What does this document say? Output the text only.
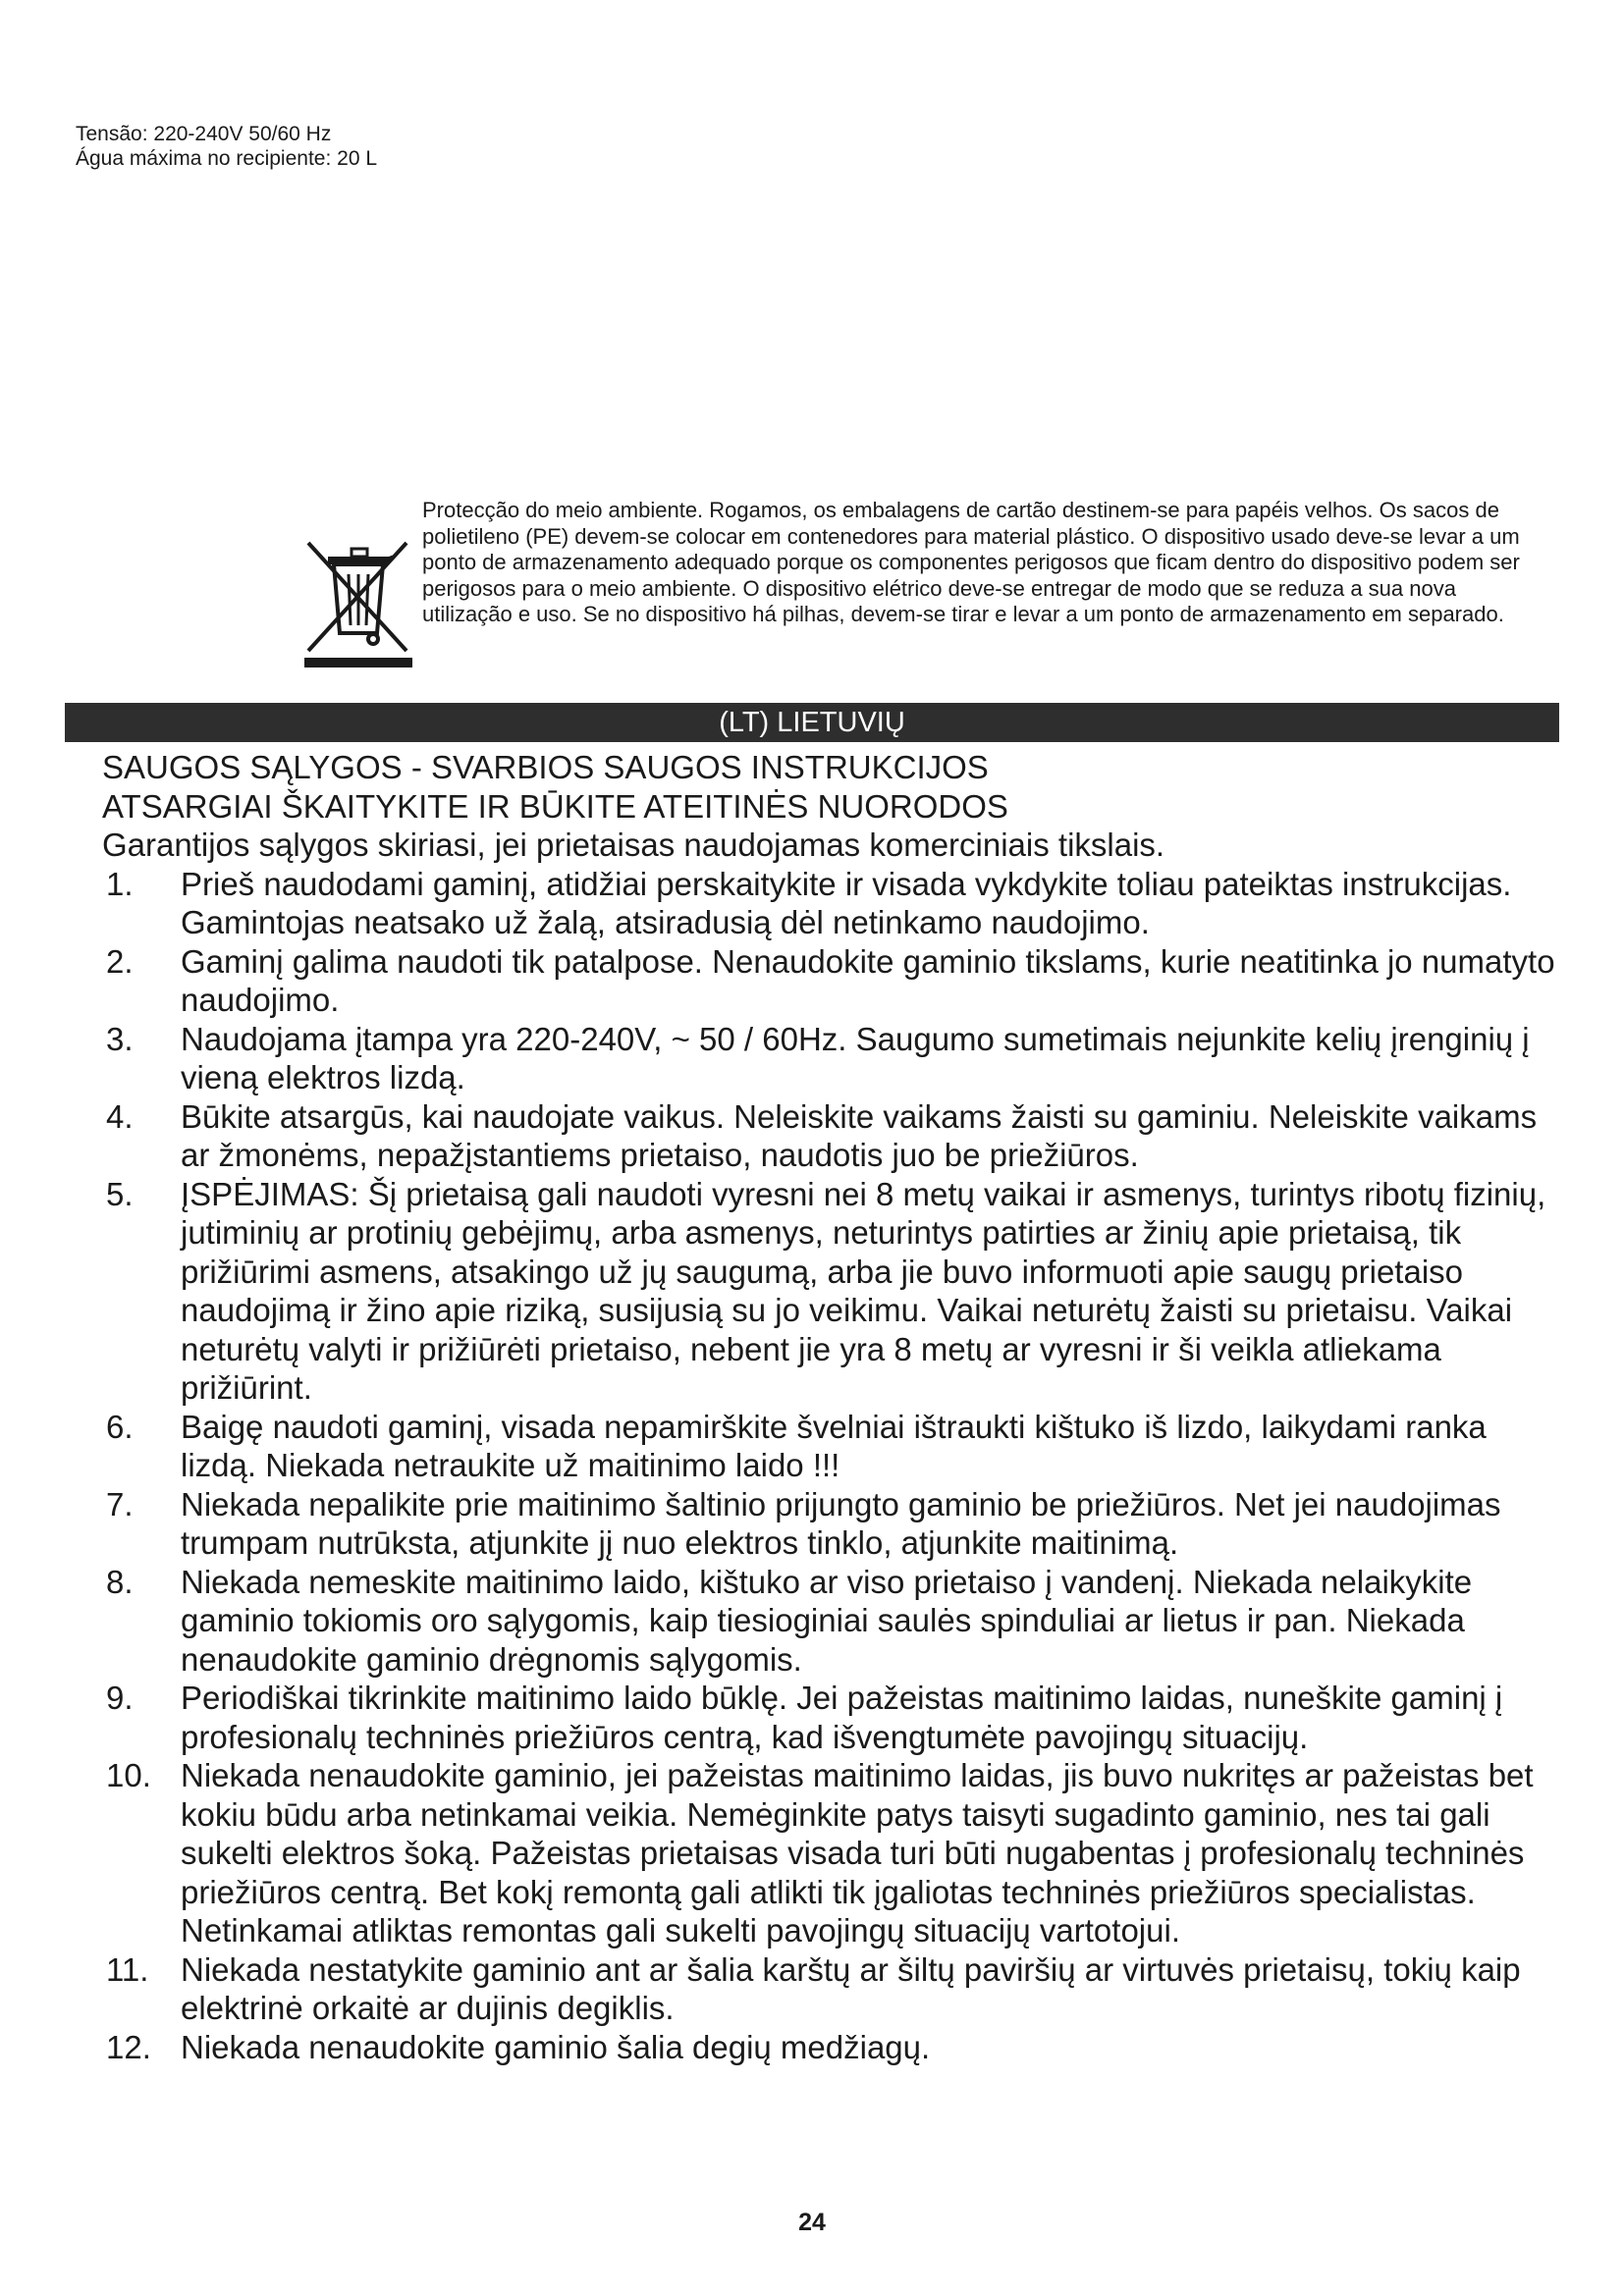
Tensão: 220-240V 50/60 Hz
Água máxima no recipiente: 20 L
Protecção do meio ambiente. Rogamos, os embalagens de cartão destinem-se para papéis velhos. Os sacos de polietileno (PE) devem-se colocar em contenedores para material plástico. O dispositivo usado deve-se levar a um ponto de armazenamento adequado porque os componentes perigosos que ficam dentro do dispositivo podem ser perigosos para o meio ambiente. O dispositivo elétrico deve-se entregar de modo que se reduza a sua nova utilização e uso. Se no dispositivo há pilhas, devem-se tirar e levar a um ponto de armazenamento em separado.
(LT) LIETUVIŲ
SAUGOS SĄLYGOS - SVARBIOS SAUGOS INSTRUKCIJOS
ATSARGIAI ŠKAITYKITE IR BŪKITE ATEITINĖS NUORODOS
Garantijos sąlygos skiriasi, jei prietaisas naudojamas komerciniais tikslais.
1. Prieš naudodami gaminį, atidžiai perskaitykite ir visada vykdykite toliau pateiktas instrukcijas. Gamintojas neatsako už žalą, atsiradusią dėl netinkamo naudojimo.
2. Gaminį galima naudoti tik patalpose. Nenaudokite gaminio tikslams, kurie neatitinka jo numatyto naudojimo.
3. Naudojama įtampa yra 220-240V, ~ 50 / 60Hz. Saugumo sumetimais nejunkite kelių įrenginių į vieną elektros lizdą.
4. Būkite atsargūs, kai naudojate vaikus. Neleiskite vaikams žaisti su gaminiu. Neleiskite vaikams ar žmonėms, nepažįstantiems prietaiso, naudotis juo be priežiūros.
5. ĮSPĖJIMAS: Šį prietaisą gali naudoti vyresni nei 8 metų vaikai ir asmenys, turintys ribotų fizinių, jutiminių ar protinių gebėjimų, arba asmenys, neturintys patirties ar žinių apie prietaisą, tik prižiūrimi asmens, atsakingo už jų saugumą, arba jie buvo informuoti apie saugų prietaiso naudojimą ir žino apie riziką, susijusią su jo veikimu. Vaikai neturėtų žaisti su prietaisu. Vaikai neturėtų valyti ir prižiūrėti prietaiso, nebent jie yra 8 metų ar vyresni ir ši veikla atliekama prižiūrint.
6. Baigę naudoti gaminį, visada nepamirškite švelniai ištraukti kištuko iš lizdo, laikydami ranka lizdą. Niekada netraukite už maitinimo laido !!!
7. Niekada nepalikite prie maitinimo šaltinio prijungto gaminio be priežiūros. Net jei naudojimas trumpam nutrūksta, atjunkite jį nuo elektros tinklo, atjunkite maitinimą.
8. Niekada nemeskite maitinimo laido, kištuko ar viso prietaiso į vandenį. Niekada nelaikykite gaminio tokiomis oro sąlygomis, kaip tiesioginiai saulės spinduliai ar lietus ir pan. Niekada nenaudokite gaminio drėgnomis sąlygomis.
9. Periodiškai tikrinkite maitinimo laido būklę. Jei pažeistas maitinimo laidas, nuneškite gaminį į profesionalų techninės priežiūros centrą, kad išvengtumėte pavojingų situacijų.
10. Niekada nenaudokite gaminio, jei pažeistas maitinimo laidas, jis buvo nukritęs ar pažeistas bet kokiu būdu arba netinkamai veikia. Nemėginkite patys taisyti sugadinto gaminio, nes tai gali sukelti elektros šoką. Pažeistas prietaisas visada turi būti nugabentas į profesionalų techninės priežiūros centrą. Bet kokį remontą gali atlikti tik įgaliotas techninės priežiūros specialistas. Netinkamai atliktas remontas gali sukelti pavojingų situacijų vartotojui.
11. Niekada nestatykite gaminio ant ar šalia karštų ar šiltų paviršių ar virtuvės prietaisų, tokių kaip elektrinė orkaitė ar dujinis degiklis.
12. Niekada nenaudokite gaminio šalia degių medžiagų.
24
